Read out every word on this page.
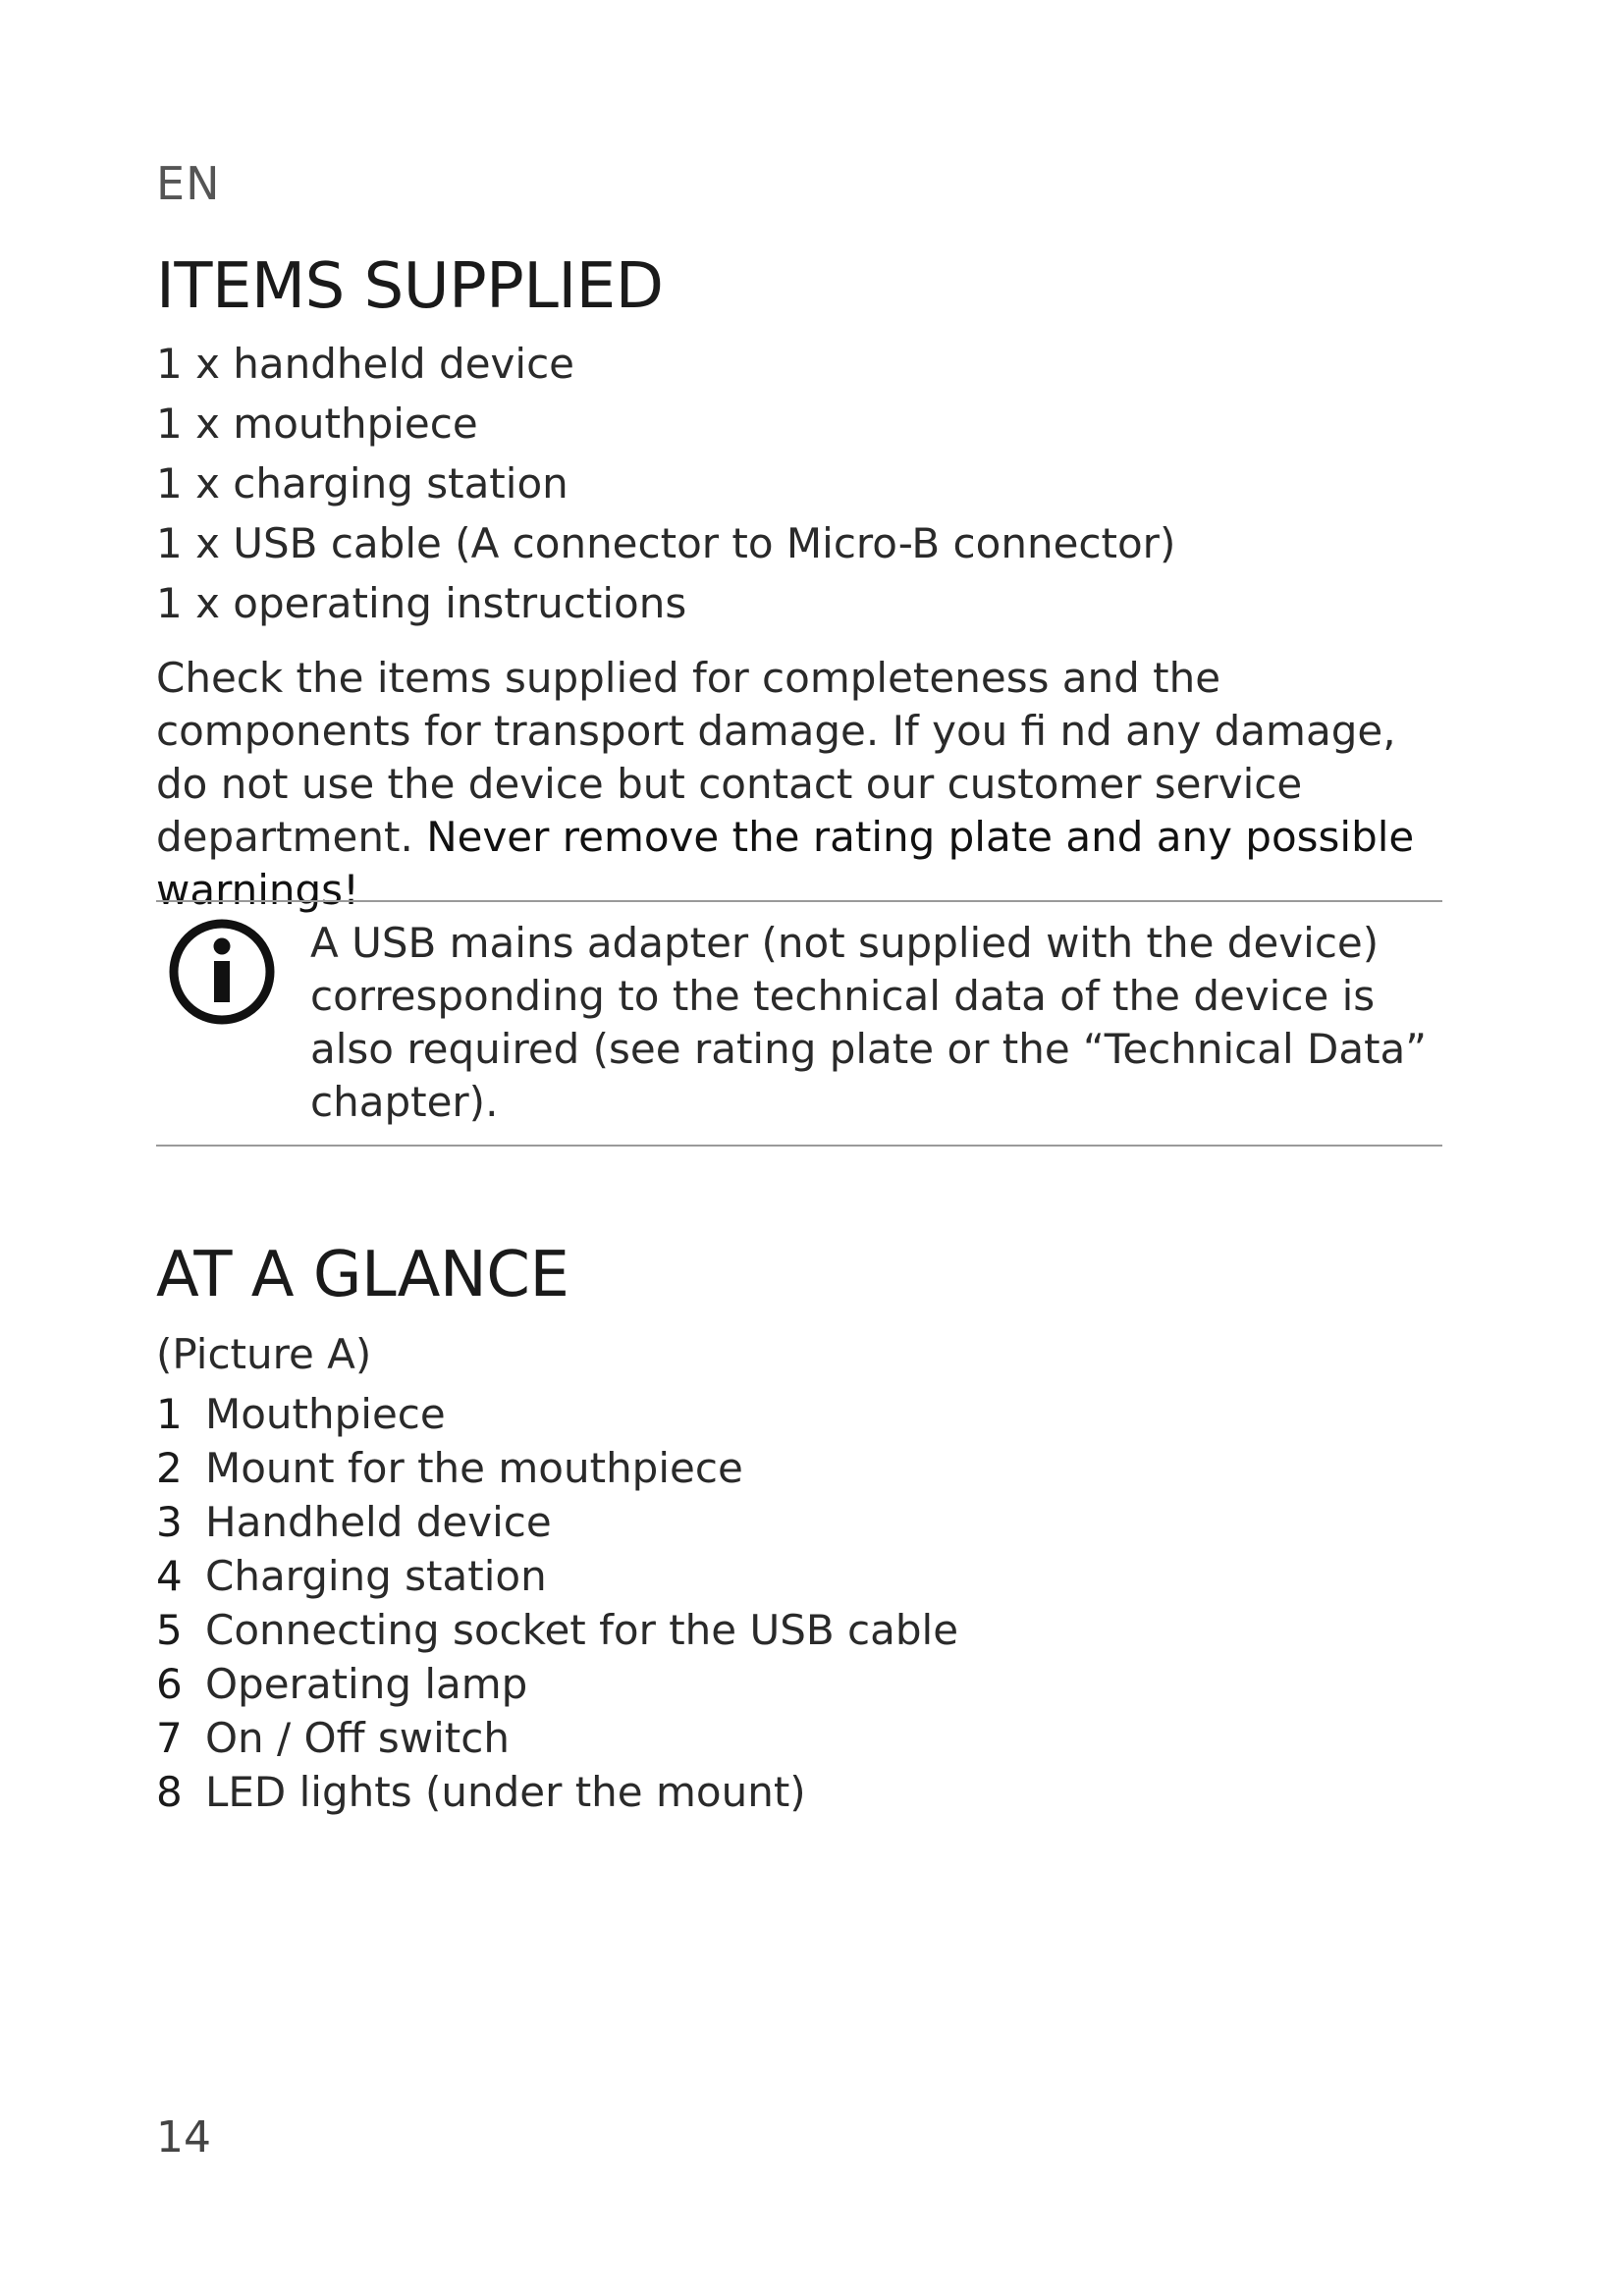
EN
ITEMS SUPPLIED
1 x handheld device
1 x mouthpiece
1 x charging station
1 x USB cable (A connector to Micro-B connector)
1 x operating instructions

Check the items supplied for completeness and the components for transport damage. If you fi nd any damage, do not use the device but contact our customer service department. Never remove the rating plate and any possible warnings!

A USB mains adapter (not supplied with the device) corresponding to the technical data of the device is also required (see rating plate or the “Technical Data” chapter).

AT A GLANCE
(Picture A)
1 Mouthpiece
2 Mount for the mouthpiece
3 Handheld device
4 Charging station
5 Connecting socket for the USB cable
6 Operating lamp
7 On / Off switch
8 LED lights (under the mount)
14
